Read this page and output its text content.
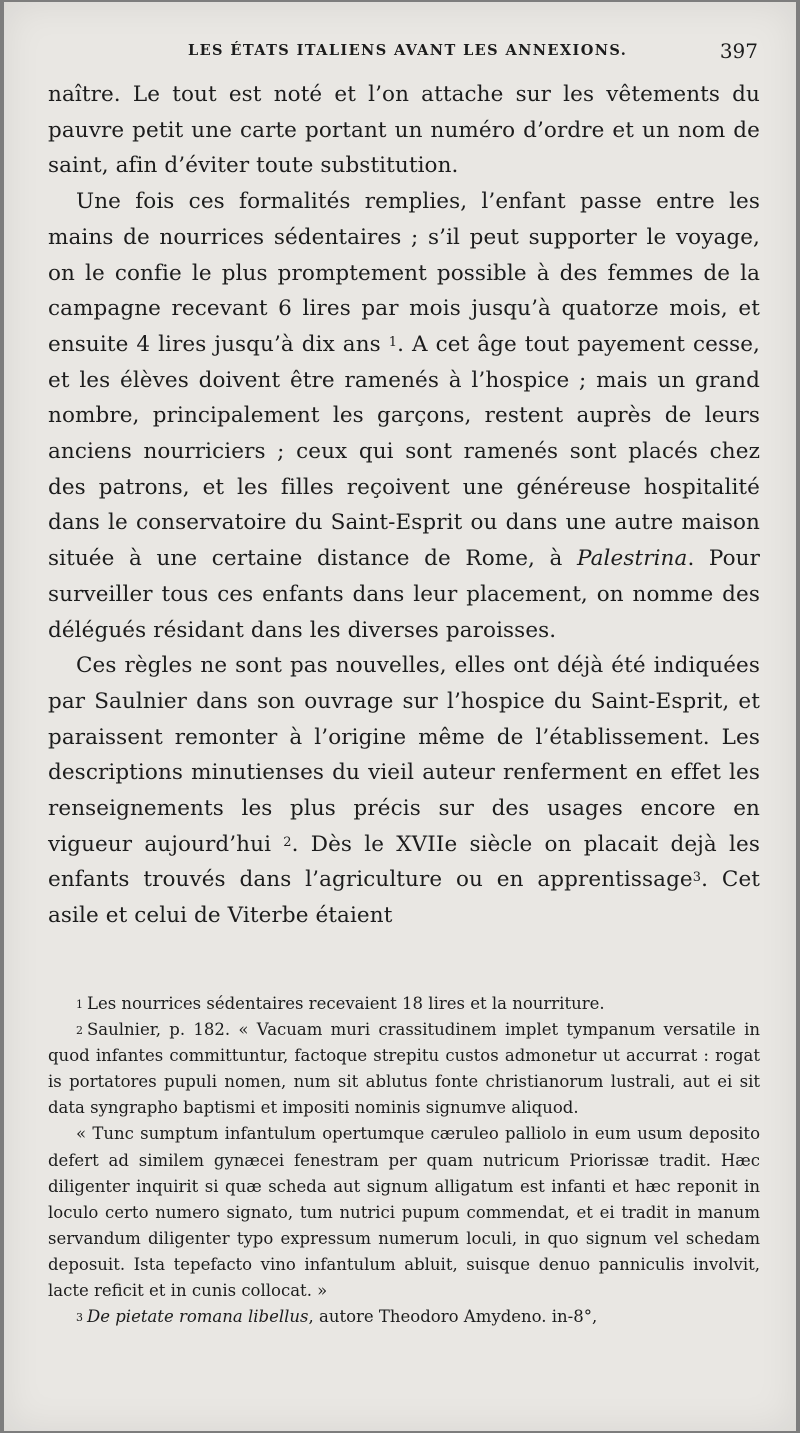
LES ÉTATS ITALIENS AVANT LES ANNEXIONS.	397

naître. Le tout est noté et l’on attache sur les vêtements du pauvre petit une carte portant un numéro d’ordre et un nom de saint, afin d’éviter toute substitution.

Une fois ces formalités remplies, l’enfant passe entre les mains de nourrices sédentaires ; s’il peut supporter le voyage, on le confie le plus promptement possible à des femmes de la campagne recevant 6 lires par mois jusqu’à quatorze mois, et ensuite 4 lires jusqu’à dix ans $^1$. A cet âge tout payement cesse, et les élèves doivent être ramenés à l’hospice ; mais un grand nombre, principalement les garçons, restent auprès de leurs anciens nourriciers ; ceux qui sont ramenés sont placés chez des patrons, et les filles reçoivent une généreuse hospitalité dans le conservatoire du Saint-Esprit ou dans une autre maison située à une certaine distance de Rome, à Palestrina. Pour surveiller tous ces enfants dans leur placement, on nomme des délégués résidant dans les diverses paroisses.

Ces règles ne sont pas nouvelles, elles ont déjà été indiquées par Saulnier dans son ouvrage sur l’hospice du Saint-Esprit, et paraissent remonter à l’origine même de l’établissement. Les descriptions minutienses du vieil auteur renferment en effet les renseignements les plus précis sur des usages encore en vigueur aujourd’hui $^2$. Dès le XVIIe siècle on placait dejà les enfants trouvés dans l’agriculture ou en apprentissage$^3$. Cet asile et celui de Viterbe étaient

$^1$ Les nourrices sédentaires recevaient 18 lires et la nourriture.

$^2$ Saulnier, p. 182. « Vacuam muri crassitudinem implet tympanum versatile in quod infantes committuntur, factoque strepitu custos admonetur ut accurrat : rogat is portatores pupuli nomen, num sit ablutus fonte christianorum lustrali, aut ei sit data syngrapho baptismi et impositi nominis signumve aliquod.

« Tunc sumptum infantulum opertumque cæruleo palliolo in eum usum deposito defert ad similem gynæcei fenestram per quam nutricum Priorissæ tradit. Hæc diligenter inquirit si quæ scheda aut signum alligatum est infanti et hæc reponit in loculo certo numero signato, tum nutrici pupum commendat, et ei tradit in manum servandum diligenter typo expressum numerum loculi, in quo signum vel schedam deposuit. Ista tepefacto vino infantulum abluit, suisque denuo panniculis involvit, lacte reficit et in cunis collocat. »

$^3$ De pietate romana libellus, autore Theodoro Amydeno. in-8°,
